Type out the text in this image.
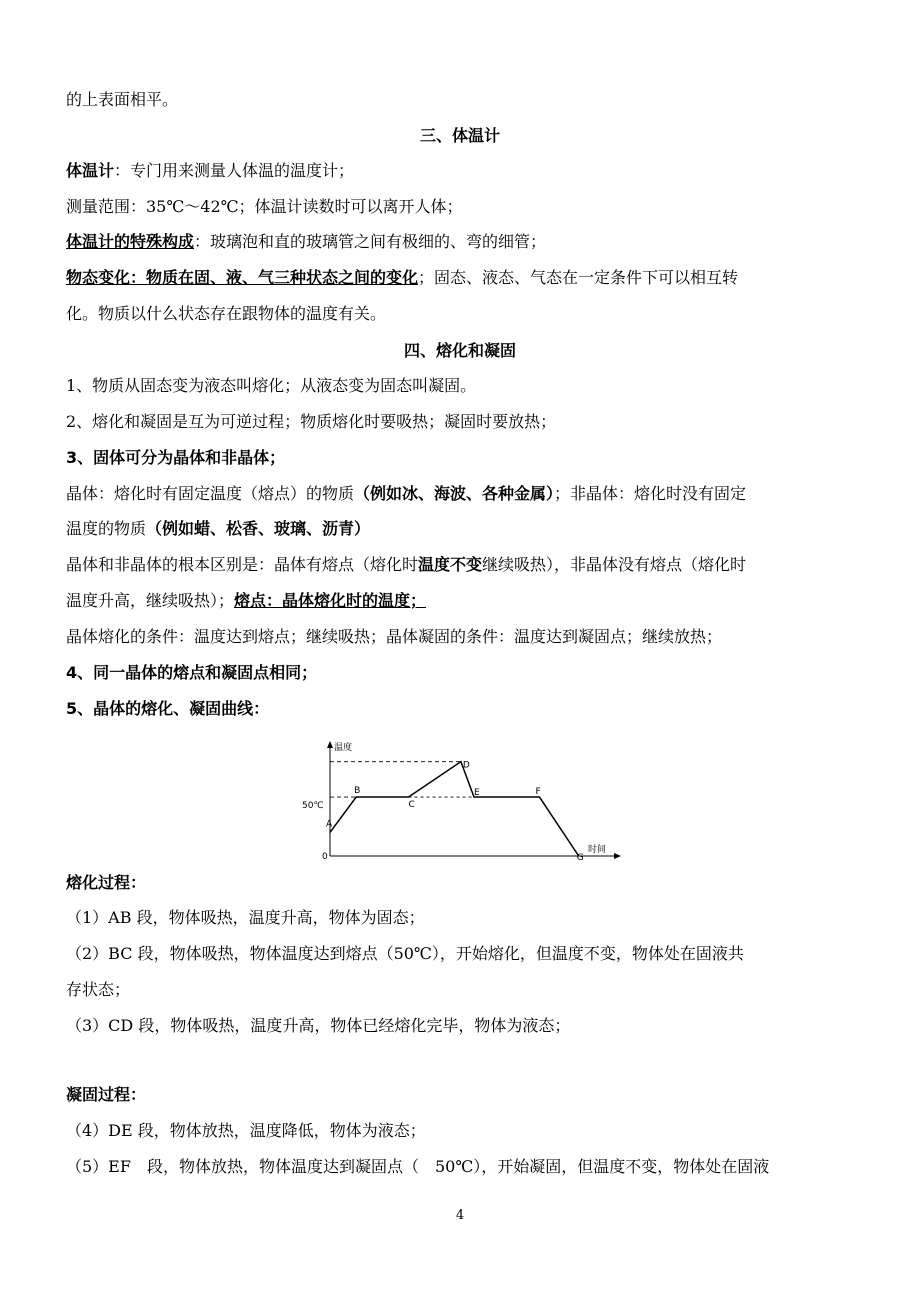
的上表面相平。
三、体温计
体温计：专门用来测量人体温的温度计；
测量范围：35℃～42℃；体温计读数时可以离开人体；
体温计的特殊构成：玻璃泡和直的玻璃管之间有极细的、弯的细管；
物态变化：物质在固、液、气三种状态之间的变化；固态、液态、气态在一定条件下可以相互转
化。物质以什么状态存在跟物体的温度有关。
四、熔化和凝固
1、物质从固态变为液态叫熔化；从液态变为固态叫凝固。
2、熔化和凝固是互为可逆过程；物质熔化时要吸热；凝固时要放热；
3、固体可分为晶体和非晶体；
晶体：熔化时有固定温度（熔点）的物质（例如冰、海波、各种金属）；非晶体：熔化时没有固定
温度的物质（例如蜡、松香、玻璃、沥青）
晶体和非晶体的根本区别是：晶体有熔点（熔化时温度不变继续吸热），非晶体没有熔点（熔化时
温度升高，继续吸热）；熔点：晶体熔化时的温度；
晶体熔化的条件：温度达到熔点；继续吸热；晶体凝固的条件：温度达到凝固点；继续放热；
4、同一晶体的熔点和凝固点相同；
5、晶体的熔化、凝固曲线：
温度
时间
50℃
0
A
B
C
D
E	F
G
熔化过程：
（1）AB 段，物体吸热，温度升高，物体为固态；
（2）BC 段，物体吸热，物体温度达到熔点（50℃），开始熔化，但温度不变，物体处在固液共
存状态；
（3）CD 段，物体吸热，温度升高，物体已经熔化完毕，物体为液态；
凝固过程：
（4）DE 段，物体放热，温度降低，物体为液态；
（5）EF　段，物体放热，物体温度达到凝固点（　50℃），开始凝固，但温度不变，物体处在固液
4
